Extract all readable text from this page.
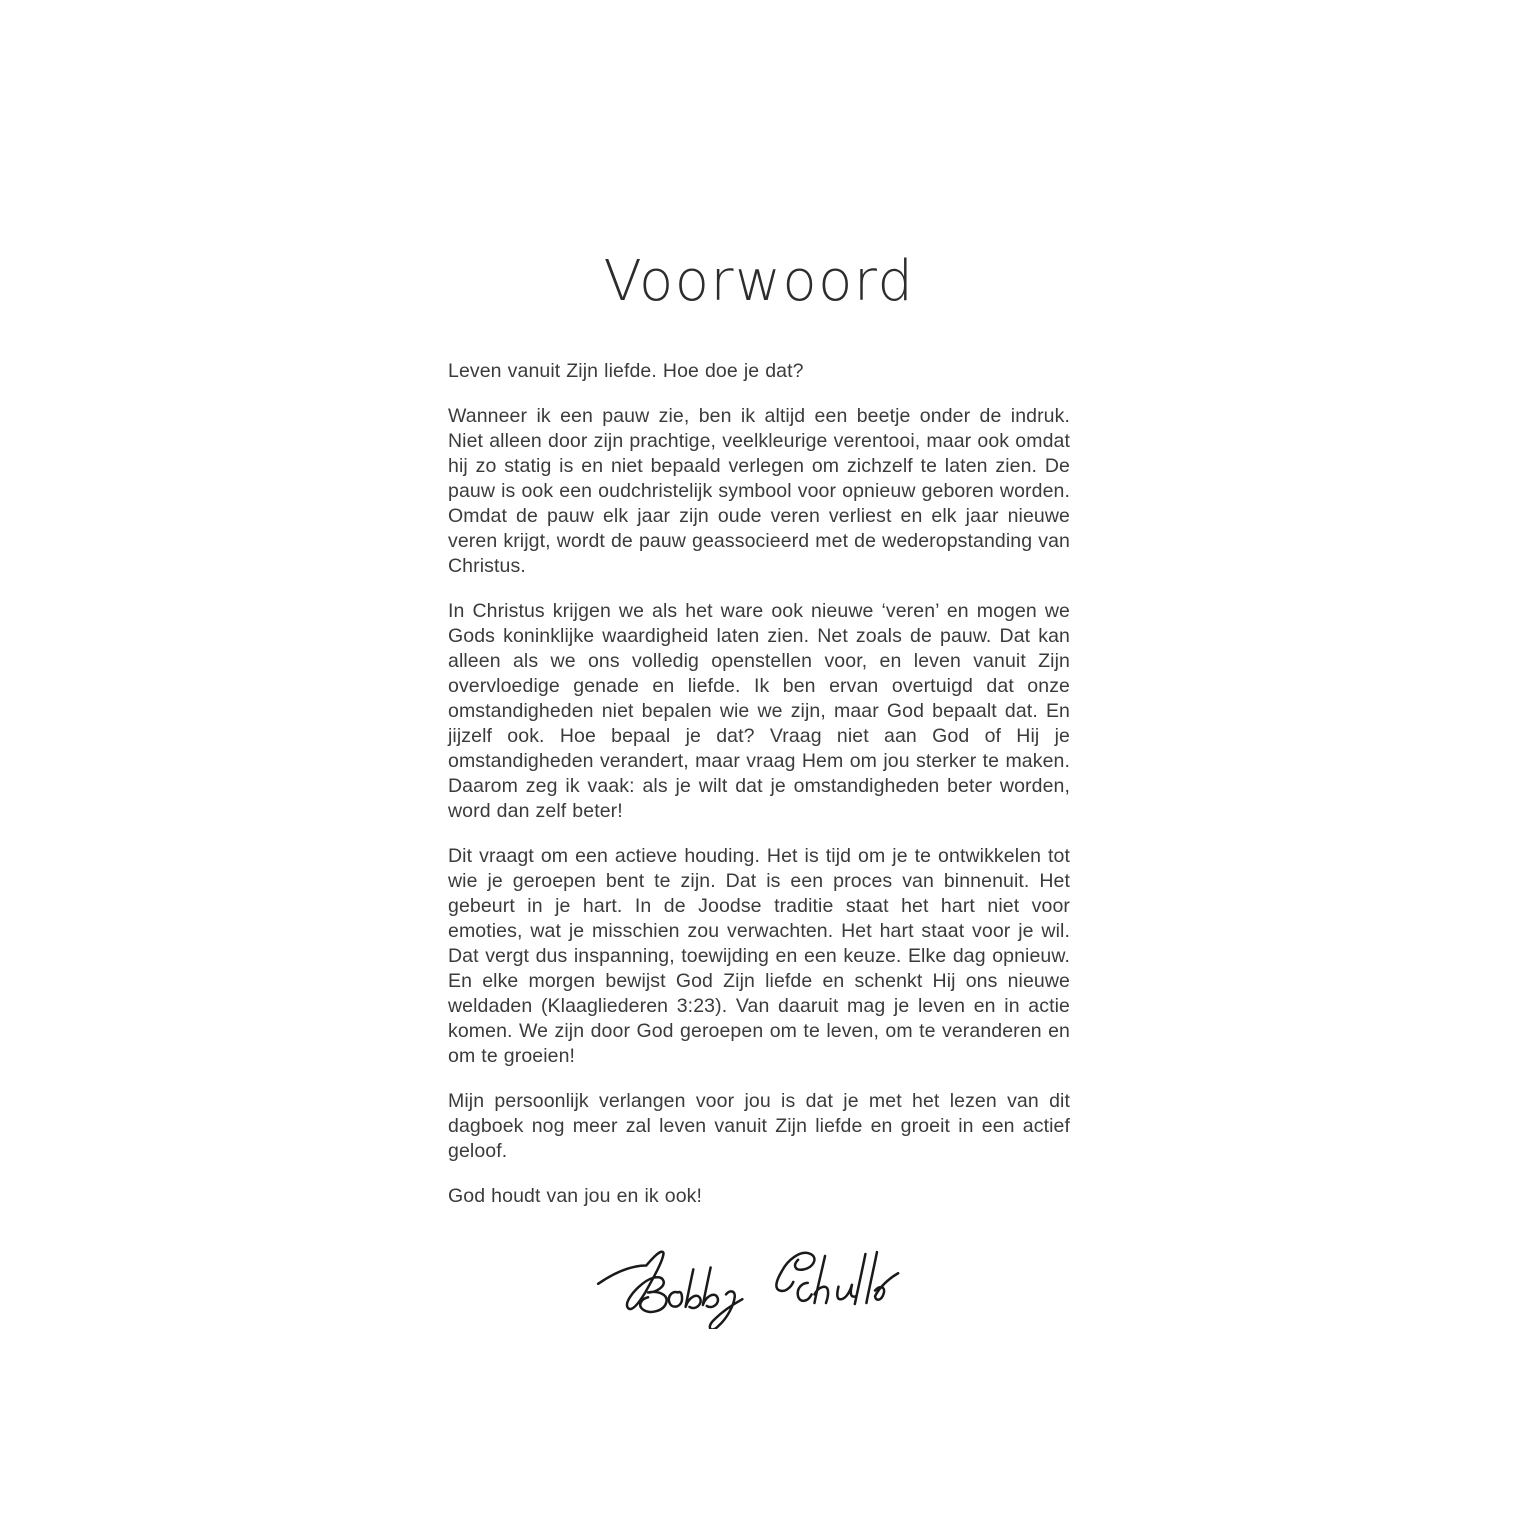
Voorwoord

Leven vanuit Zijn liefde. Hoe doe je dat?

Wanneer ik een pauw zie, ben ik altijd een beetje onder de indruk. Niet alleen door zijn prachtige, veelkleurige verentooi, maar ook omdat hij zo statig is en niet bepaald verlegen om zichzelf te laten zien. De pauw is ook een oudchristelijk symbool voor opnieuw geboren worden. Omdat de pauw elk jaar zijn oude veren verliest en elk jaar nieuwe veren krijgt, wordt de pauw geassocieerd met de wederopstanding van Christus.

In Christus krijgen we als het ware ook nieuwe ‘veren’ en mogen we Gods koninklijke waardigheid laten zien. Net zoals de pauw. Dat kan alleen als we ons volledig openstellen voor, en leven vanuit Zijn overvloedige genade en liefde. Ik ben ervan overtuigd dat onze omstandigheden niet bepalen wie we zijn, maar God bepaalt dat. En jijzelf ook. Hoe bepaal je dat? Vraag niet aan God of Hij je omstandigheden verandert, maar vraag Hem om jou sterker te maken. Daarom zeg ik vaak: als je wilt dat je omstandigheden beter worden, word dan zelf beter!

Dit vraagt om een actieve houding. Het is tijd om je te ontwikkelen tot wie je geroepen bent te zijn. Dat is een proces van binnenuit. Het gebeurt in je hart. In de Joodse traditie staat het hart niet voor emoties, wat je misschien zou verwachten. Het hart staat voor je wil. Dat vergt dus inspanning, toewijding en een keuze. Elke dag opnieuw. En elke morgen bewijst God Zijn liefde en schenkt Hij ons nieuwe weldaden (Klaagliederen 3:23). Van daaruit mag je leven en in actie komen. We zijn door God geroepen om te leven, om te veranderen en om te groeien!

Mijn persoonlijk verlangen voor jou is dat je met het lezen van dit dagboek nog meer zal leven vanuit Zijn liefde en groeit in een actief geloof.

God houdt van jou en ik ook!
